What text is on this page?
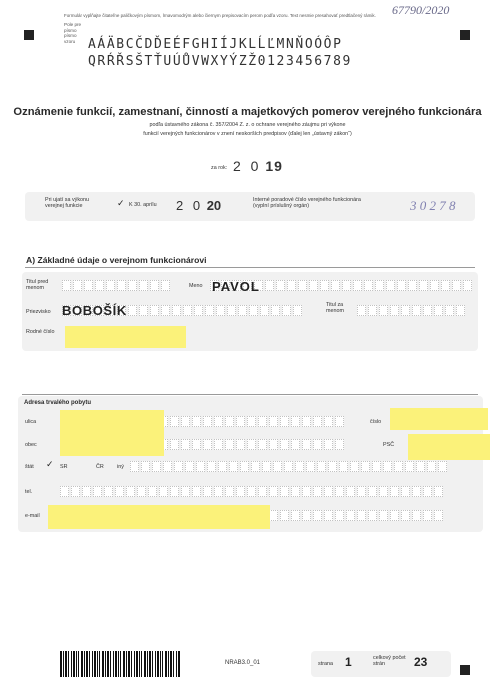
67790/2020
Formulár vypĺňajte čitateľne paličkovým písmom, Írnavomodrým alebo čiernym prepisovacím perom podľa vzoru. Text nesmie presahovať predtlačený rámik.
Pole pre písmo písmo vzoru AÁÄBCČDĎEÉFGHIÍJKLĹĽMNŇOÓÔP
QRŔŘSŠTŤUÚŮVWXYÝZŽ0123456789
Oznámenie funkcií, zamestnaní, činností a majetkových pomerov verejného funkcionára
podľa ústavného zákona č. 357/2004 Z. z. o ochrane verejného záujmu pri výkone
funkcií verejných funkcionárov v znení neskorších predpisov (ďalej len „ústavný zákon“)
za rok: 2 0 19
Pri ujatí sa výkonu verejnej funkcie	✓ K 30. aprílu 2 0 20	Interné poradové číslo verejného funkcionára (vyplní príslušný orgán)	3 0 2 7 8
A) Základné údaje o verejnom funkcionárovi
Titul pred menom	Meno PAVOL
Priezvisko BOBOŠÍK	Titul za menom
Rodné číslo
Adresa trvalého pobytu
ulica	číslo
obec	PSČ
štát ✓ SR	ČR iný
tel.
e-mail
NRAB3.0_01	strana 1	celkový počet strán	23
